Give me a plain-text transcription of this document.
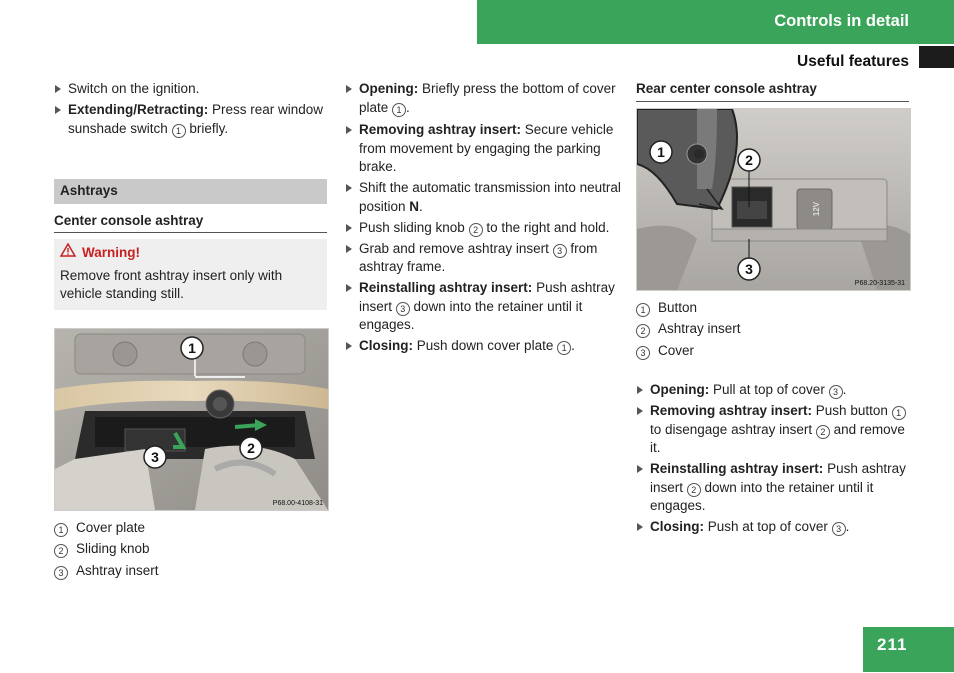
Controls in detail
Useful features
Switch on the ignition.
Extending/Retracting: Press rear window sunshade switch 1 briefly.
Ashtrays
Center console ashtray
Warning!
Remove front ashtray insert only with vehicle standing still.
1
2
3
P68.00-4108-31
1 Cover plate
2 Sliding knob
3 Ashtray insert
Opening: Briefly press the bottom of cover plate 1 .
Removing ashtray insert: Secure vehicle from movement by engaging the parking brake.
Shift the automatic transmission into neutral position N.
Push sliding knob 2 to the right and hold.
Grab and remove ashtray insert 3 from ashtray frame.
Reinstalling ashtray insert: Push ashtray insert 3 down into the retainer until it engages.
Closing: Push down cover plate 1 .
Rear center console ashtray
12V
1	2
3
P68.20-3135-31
1 Button
2 Ashtray insert
3 Cover
Opening: Pull at top of cover 3 .
Removing ashtray insert: Push button 1 to disengage ashtray insert 2 and remove it.
Reinstalling ashtray insert: Push ashtray insert 2 down into the retainer until it engages.
Closing: Push at top of cover 3 .
211
